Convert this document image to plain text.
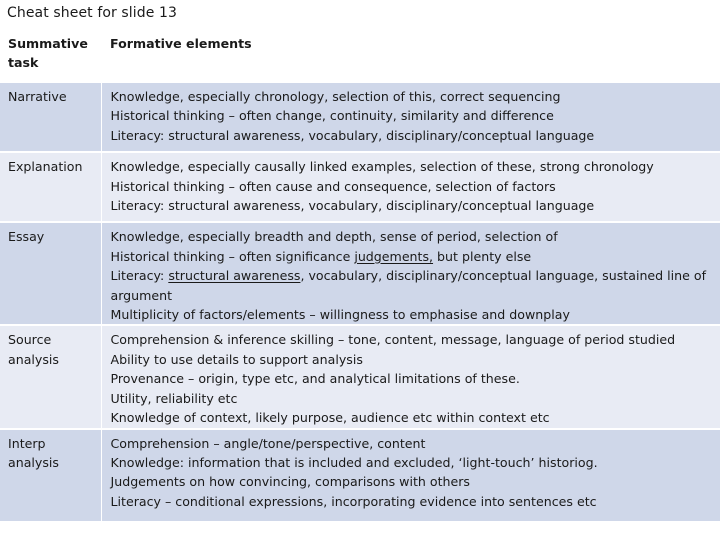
Cheat sheet for slide 13
Summative task	Formative elements
Narrative	Knowledge, especially chronology, selection of this, correct sequencing
Historical thinking – often change, continuity, similarity and difference
Literacy: structural awareness, vocabulary, disciplinary/conceptual language

Explanation	Knowledge, especially causally linked examples, selection of these, strong chronology
Historical thinking – often cause and consequence, selection of factors
Literacy: structural awareness, vocabulary, disciplinary/conceptual language

Essay	Knowledge, especially breadth and depth, sense of period, selection of
Historical thinking – often significance judgements, but plenty else
Literacy: structural awareness, vocabulary, disciplinary/conceptual language, sustained line of argument
Multiplicity of factors/elements – willingness to emphasise and downplay

Source analysis	Comprehension & inference skilling – tone, content, message, language of period studied
Ability to use details to support analysis
Provenance – origin, type etc, and analytical limitations of these.
Utility, reliability etc
Knowledge of context, likely purpose, audience etc within context etc

Interp analysis	Comprehension – angle/tone/perspective, content
Knowledge: information that is included and excluded, ‘light-touch’ historiog.
Judgements on how convincing, comparisons with others
Literacy – conditional expressions, incorporating evidence into sentences etc
